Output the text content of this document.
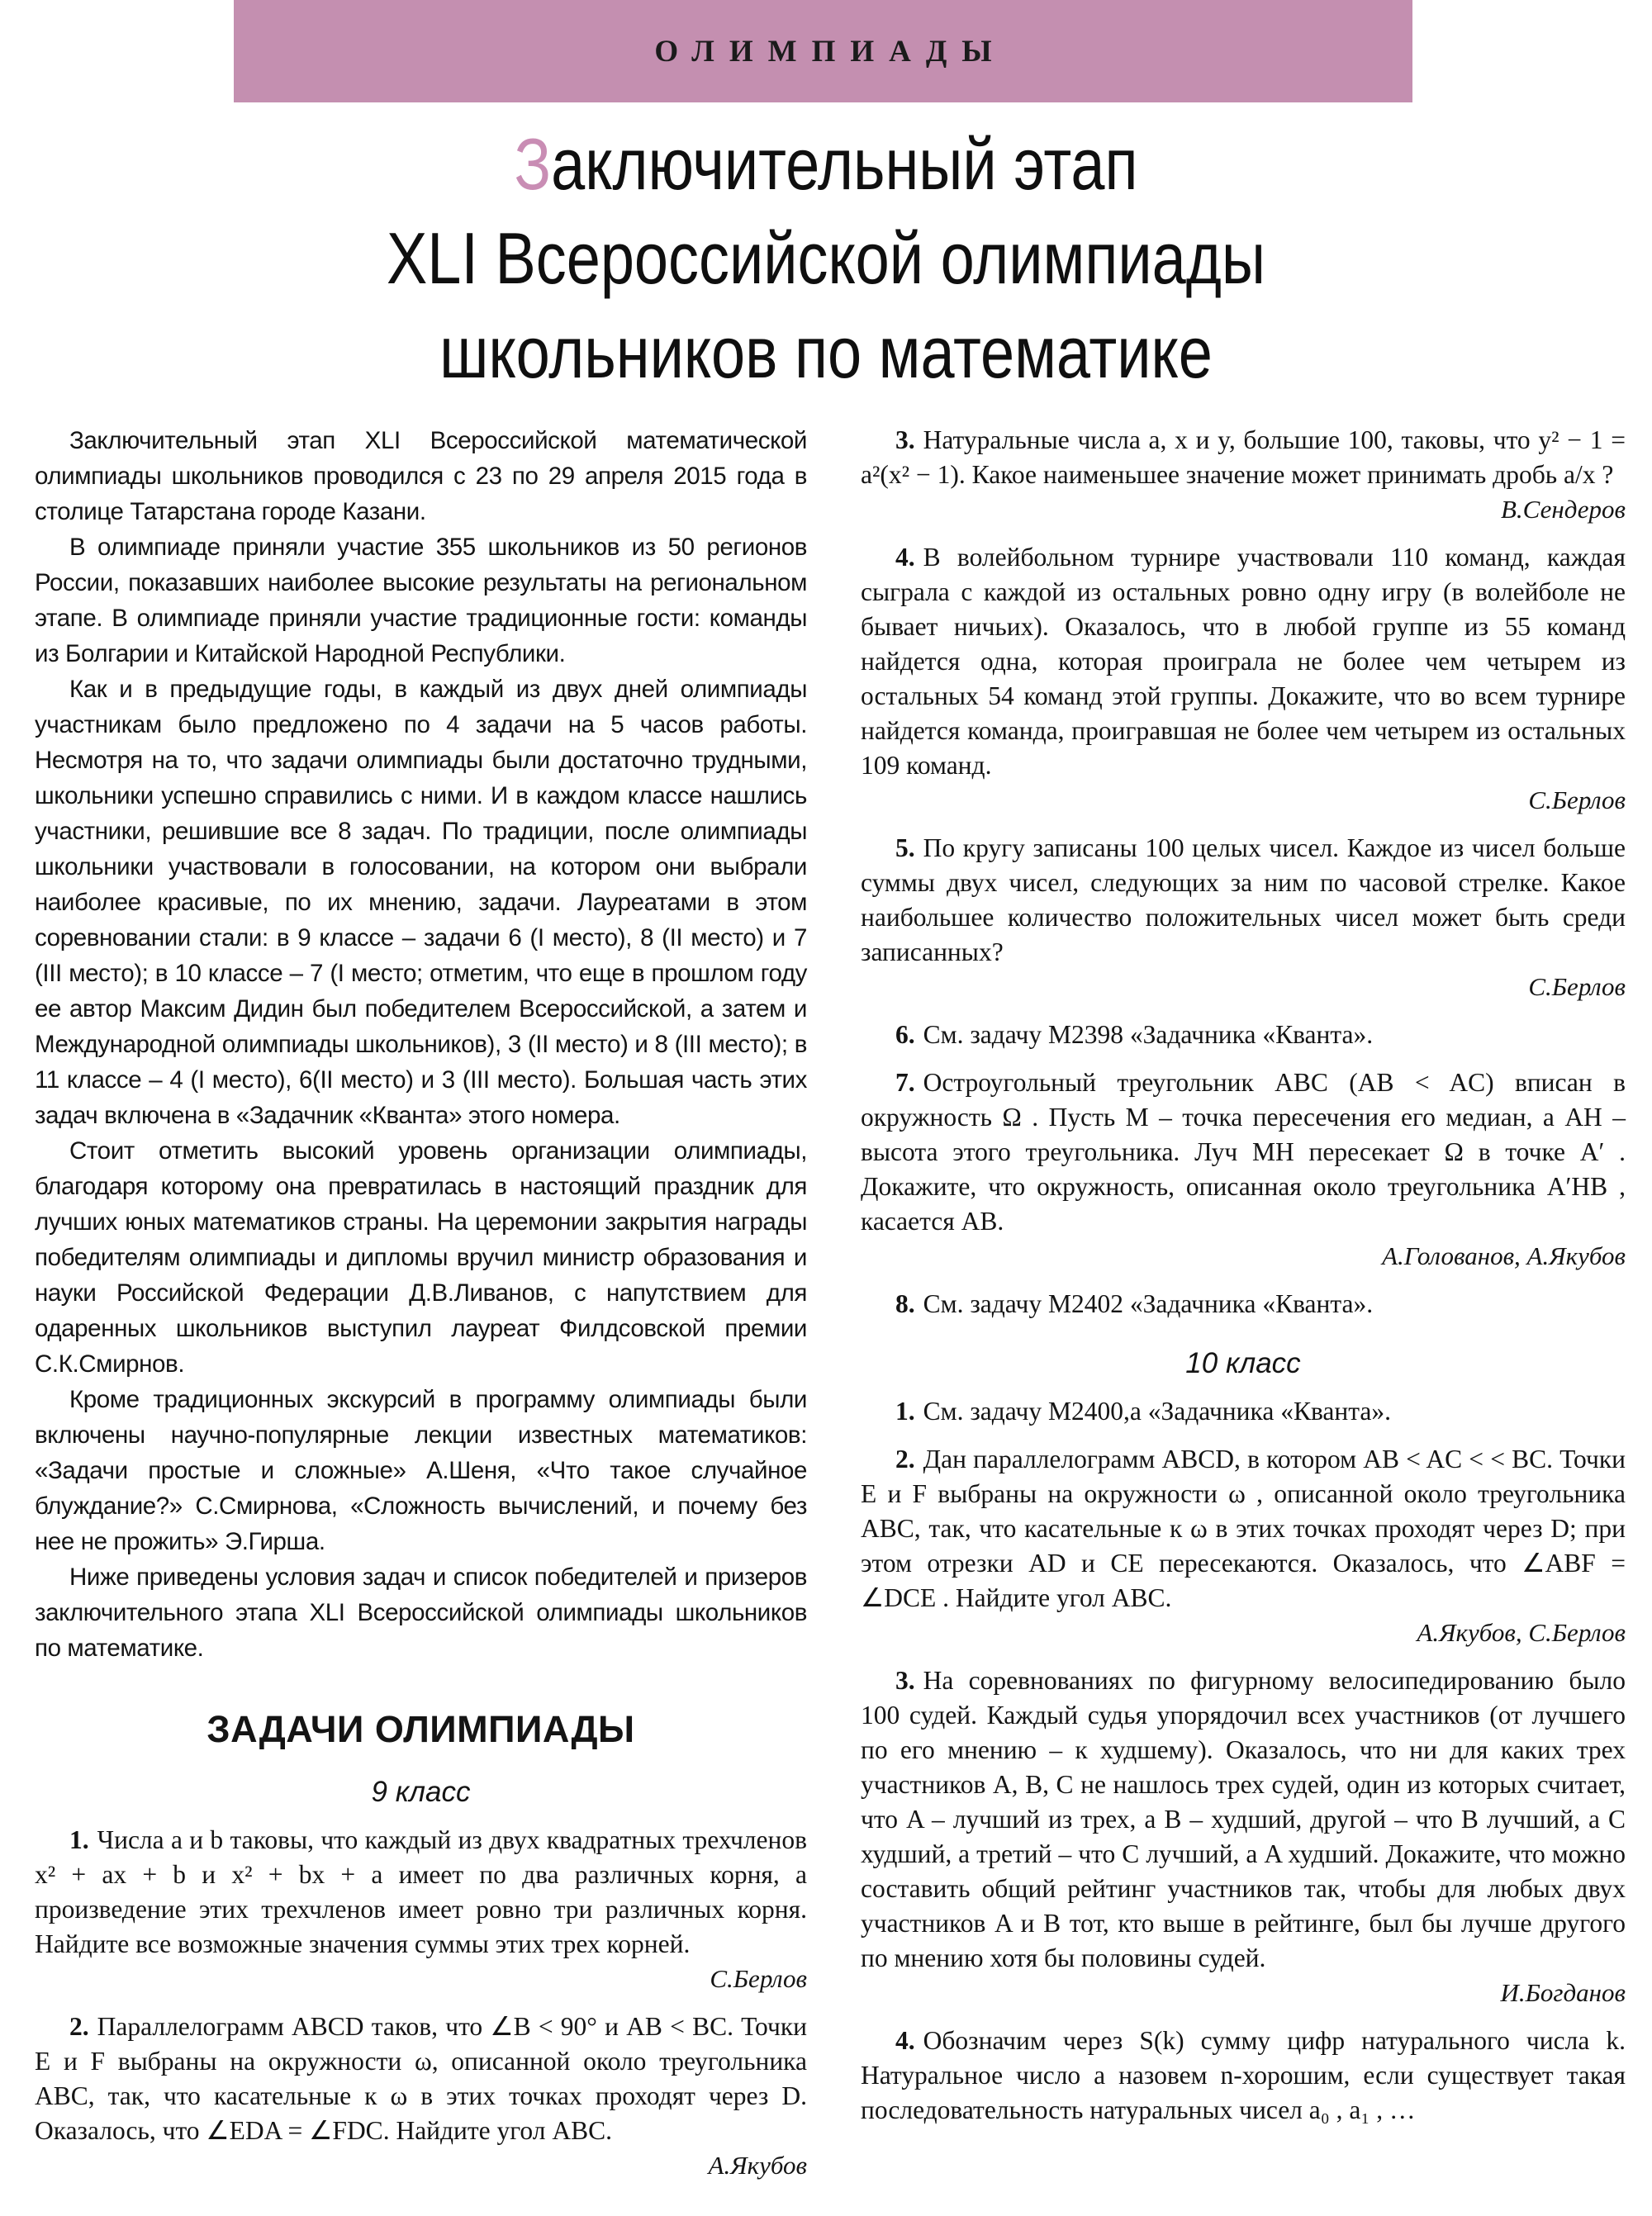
ОЛИМПИАДЫ
Заключительный этап
XLI Всероссийской олимпиады
школьников по математике

Заключительный этап XLI Всероссийской математической олимпиады школьников проводился с 23 по 29 апреля 2015 года в столице Татарстана городе Казани.

В олимпиаде приняли участие 355 школьников из 50 регионов России, показавших наиболее высокие результаты на региональном этапе. В олимпиаде приняли участие традиционные гости: команды из Болгарии и Китайской Народной Республики.

Как и в предыдущие годы, в каждый из двух дней олимпиады участникам было предложено по 4 задачи на 5 часов работы. Несмотря на то, что задачи олимпиады были достаточно трудными, школьники успешно справились с ними. И в каждом классе нашлись участники, решившие все 8 задач. По традиции, после олимпиады школьники участвовали в голосовании, на котором они выбрали наиболее красивые, по их мнению, задачи. Лауреатами в этом соревновании стали: в 9 классе – задачи 6 (I место), 8 (II место) и 7 (III место); в 10 классе – 7 (I место; отметим, что еще в прошлом году ее автор Максим Дидин был победителем Всероссийской, а затем и Международной олимпиады школьников), 3 (II место) и 8 (III место); в 11 классе – 4 (I место), 6(II место) и 3 (III место). Большая часть этих задач включена в «Задачник «Кванта» этого номера.

Стоит отметить высокий уровень организации олимпиады, благодаря которому она превратилась в настоящий праздник для лучших юных математиков страны. На церемонии закрытия награды победителям олимпиады и дипломы вручил министр образования и науки Российской Федерации Д.В.Ливанов, с напутствием для одаренных школьников выступил лауреат Филдсовской премии С.К.Смирнов.

Кроме традиционных экскурсий в программу олимпиады были включены научно-популярные лекции известных математиков: «Задачи простые и сложные» А.Шеня, «Что такое случайное блуждание?» С.Смирнова, «Сложность вычислений, и почему без нее не прожить» Э.Гирша.

Ниже приведены условия задач и список победителей и призеров заключительного этапа XLI Всероссийской олимпиады школьников по математике.

ЗАДАЧИ ОЛИМПИАДЫ
9 класс

1. Числа a и b таковы, что каждый из двух квадратных трехчленов x² + ax + b и x² + bx + a имеет по два различных корня, а произведение этих трехчленов имеет ровно три различных корня. Найдите все возможные значения суммы этих трех корней.

С.Берлов

2. Параллелограмм ABCD таков, что ∠B < 90° и AB < BC. Точки E и F выбраны на окружности ω, описанной около треугольника ABC, так, что касательные к ω в этих точках проходят через D. Оказалось, что ∠EDA = ∠FDC. Найдите угол ABC.

А.Якубов

3. Натуральные числа a, x и y, большие 100, таковы, что y² − 1 = a²(x² − 1). Какое наименьшее значение может принимать дробь a/x ?

В.Сендеров

4. В волейбольном турнире участвовали 110 команд, каждая сыграла с каждой из остальных ровно одну игру (в волейболе не бывает ничьих). Оказалось, что в любой группе из 55 команд найдется одна, которая проиграла не более чем четырем из остальных 54 команд этой группы. Докажите, что во всем турнире найдется команда, проигравшая не более чем четырем из остальных 109 команд.

С.Берлов

5. По кругу записаны 100 целых чисел. Каждое из чисел больше суммы двух чисел, следующих за ним по часовой стрелке. Какое наибольшее количество положительных чисел может быть среди записанных?

С.Берлов

6. См. задачу М2398 «Задачника «Кванта».

7. Остроугольный треугольник ABC (AB < AC) вписан в окружность Ω . Пусть M – точка пересечения его медиан, а AH – высота этого треугольника. Луч MH пересекает Ω в точке A′ . Докажите, что окружность, описанная около треугольника A′HB , касается AB.

А.Голованов, А.Якубов

8. См. задачу М2402 «Задачника «Кванта».

10 класс

1. См. задачу М2400,а «Задачника «Кванта».

2. Дан параллелограмм ABCD, в котором AB < AC < < BC. Точки E и F выбраны на окружности ω , описанной около треугольника ABC, так, что касательные к ω в этих точках проходят через D; при этом отрезки AD и CE пересекаются. Оказалось, что ∠ABF = ∠DCE . Найдите угол ABC.

А.Якубов, С.Берлов

3. На соревнованиях по фигурному велосипедированию было 100 судей. Каждый судья упорядочил всех участников (от лучшего по его мнению – к худшему). Оказалось, что ни для каких трех участников A, B, C не нашлось трех судей, один из которых считает, что A – лучший из трех, а B – худший, другой – что B лучший, а C худший, а третий – что C лучший, а A худший. Докажите, что можно составить общий рейтинг участников так, чтобы для любых двух участников A и B тот, кто выше в рейтинге, был бы лучше другого по мнению хотя бы половины судей.

И.Богданов

4. Обозначим через S(k) сумму цифр натурального числа k. Натуральное число a назовем n-хорошим, если существует такая последовательность натуральных чисел a₀ , a₁ , …
